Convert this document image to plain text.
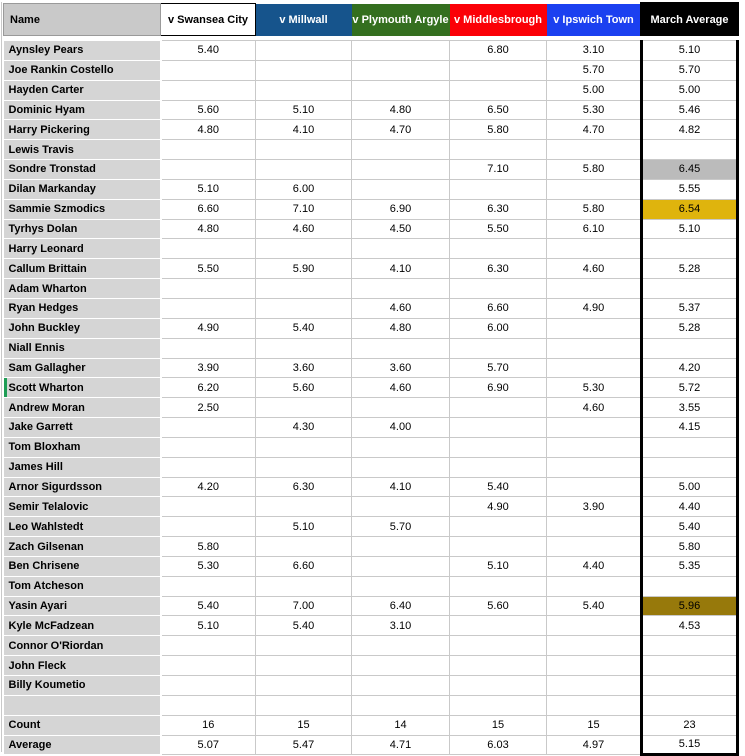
Name	v Swansea City	v Millwall	v Plymouth Argyle	v Middlesbrough	v Ipswich Town	March Average

Aynsley Pears	5.40			6.80	3.10	5.10
Joe Rankin Costello					5.70	5.70
Hayden Carter					5.00	5.00
Dominic Hyam	5.60	5.10	4.80	6.50	5.30	5.46
Harry Pickering	4.80	4.10	4.70	5.80	4.70	4.82
Lewis Travis						
Sondre Tronstad				7.10	5.80	6.45
Dilan Markanday	5.10	6.00				5.55
Sammie Szmodics	6.60	7.10	6.90	6.30	5.80	6.54
Tyrhys Dolan	4.80	4.60	4.50	5.50	6.10	5.10
Harry Leonard						
Callum Brittain	5.50	5.90	4.10	6.30	4.60	5.28
Adam Wharton						
Ryan Hedges			4.60	6.60	4.90	5.37
John Buckley	4.90	5.40	4.80	6.00		5.28
Niall Ennis						
Sam Gallagher	3.90	3.60	3.60	5.70		4.20
Scott Wharton	6.20	5.60	4.60	6.90	5.30	5.72
Andrew Moran	2.50				4.60	3.55
Jake Garrett		4.30	4.00			4.15
Tom Bloxham						
James Hill						
Arnor Sigurdsson	4.20	6.30	4.10	5.40		5.00
Semir Telalovic				4.90	3.90	4.40
Leo Wahlstedt		5.10	5.70			5.40
Zach Gilsenan	5.80					5.80
Ben Chrisene	5.30	6.60		5.10	4.40	5.35
Tom Atcheson						
Yasin Ayari	5.40	7.00	6.40	5.60	5.40	5.96
Kyle McFadzean	5.10	5.40	3.10			4.53
Connor O'Riordan						
John Fleck						
Billy Koumetio						

Count	16	15	14	15	15	23
Average	5.07	5.47	4.71	6.03	4.97	5.15
